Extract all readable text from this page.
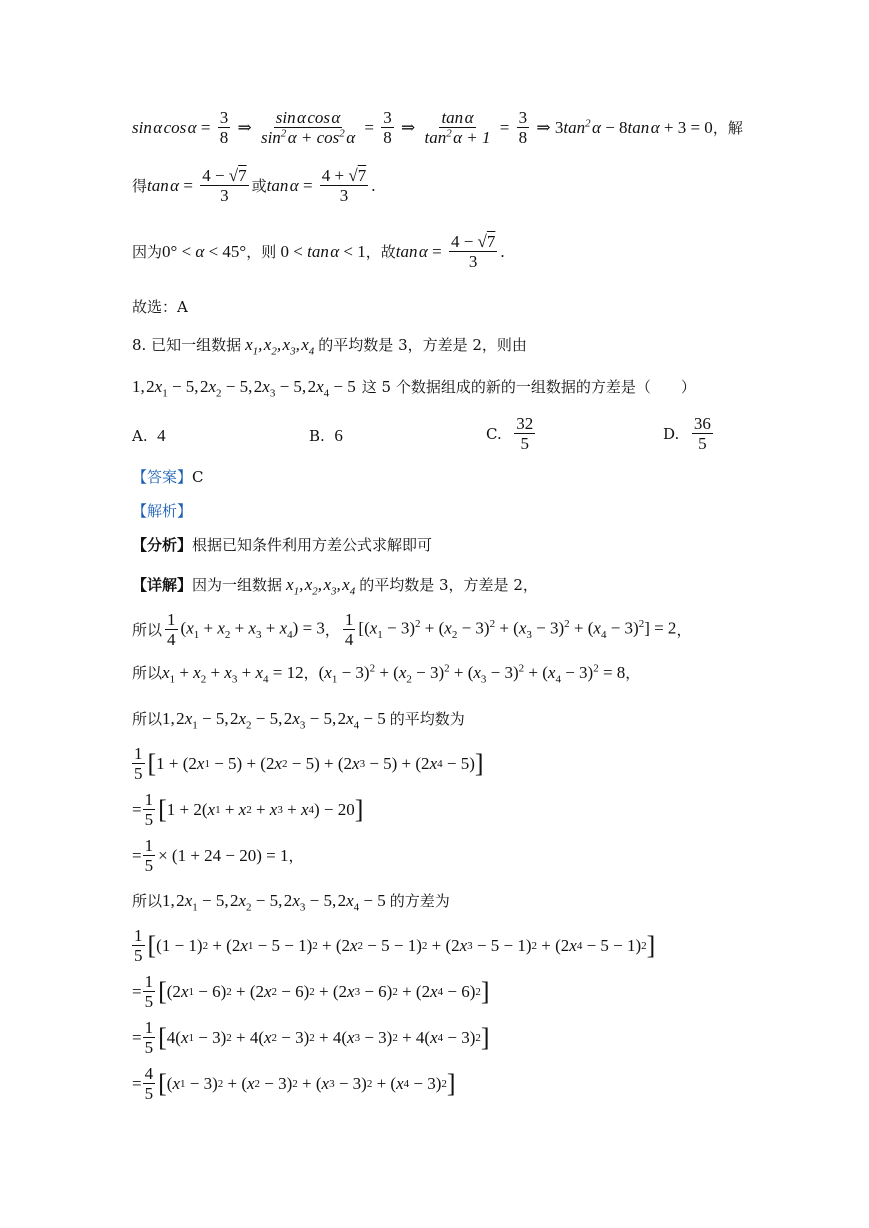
sin α cos $\alpha = \frac{3}{8}$ ⇒ $\frac{\text{sin α cos α}}{\sin^2 \alpha + \cos^2 \alpha} = \frac{3}{8}$ ⇒ $\frac{\text{tan α}}{\tan^2 \alpha + 1} = \frac{3}{8}$ ⇒ 3 $\tan^2$ α − 8 tan α + 3 = 0 ，解
得 tan $\alpha = \frac{4 - √7}{3}$ 或 tan $\alpha = \frac{4 + √7}{3}$ .
因为 0° < α < 45° ，则 0 < tan α < 1 ，故 tan $\alpha = \frac{4 - √7}{3}$ .
故选：A
8. 已知一组数据 $x_1$, $x_2$, $x_3$, $x_4$ 的平均数是 3，方差是 2，则由
1, $2x_1 - 5$, $2x_2 - 5$, $2x_3 - 5$, $2x_4 - 5$ 这 5 个数据组成的新的一组数据的方差是（　　）
A.
4	B.
6	C.
$\frac{32}{5}$	D.
$\frac{36}{5}$
【答案】 C
【解析】
【分析】 根据已知条件利用方差公式求解即可
【详解】 因为一组数据 $x_1$, $x_2$, $x_3$, $x_4$ 的平均数是 3，方差是 2，
所以 $\frac{1}{4} (x_1 + x_2 + x_3 + x_4) = 3$ ， $\frac{1}{4} [(x_1 - 3)^2 + (x_2 - 3)^2 + (x_3 - 3)^2 + (x_4 - 3)^2] = 2$ ，
所以 $x_1 + x_2 + x_3 + x_4 = 12$ ， $(x_1 - 3)^2 + (x_2 - 3)^2 + (x_3 - 3)^2 + (x_4 - 3)^2 = 8$ ，
所以 1, $2x_1 - 5$, $2x_2 - 5$, $2x_3 - 5$, $2x_4 - 5$ 的平均数为
$\frac{1}{5}$ [ 1 + (2 x 1 − 5) + (2 x 2 − 5) + (2 x 3 − 5) + (2 x 4 − 5) ]
= $\frac{1}{5}$ [ 1 + 2( x 1 + x 2 + x 3 + x 4 ) − 20 ]
= $\frac{1}{5} \times (1 + 24 - 20) = 1$ ，
所以 1, $2x_1 - 5$, $2x_2 - 5$, $2x_3 - 5$, $2x_4 - 5$ 的方差为
$\frac{1}{5}$ [ (1 − 1) 2 + (2 x 1 − 5 − 1) 2 + (2 x 2 − 5 − 1) 2 + (2 x 3 − 5 − 1) 2 + (2 x 4 − 5 − 1) 2 ]
= $\frac{1}{5}$ [ (2 x 1 − 6) 2 + (2 x 2 − 6) 2 + (2 x 3 − 6) 2 + (2 x 4 − 6) 2 ]
= $\frac{1}{5}$ [ 4( x 1 − 3) 2 + 4( x 2 − 3) 2 + 4( x 3 − 3) 2 + 4( x 4 − 3) 2 ]
= $\frac{4}{5}$ [ ( x 1 − 3) 2 + ( x 2 − 3) 2 + ( x 3 − 3) 2 + ( x 4 − 3) 2 ]
